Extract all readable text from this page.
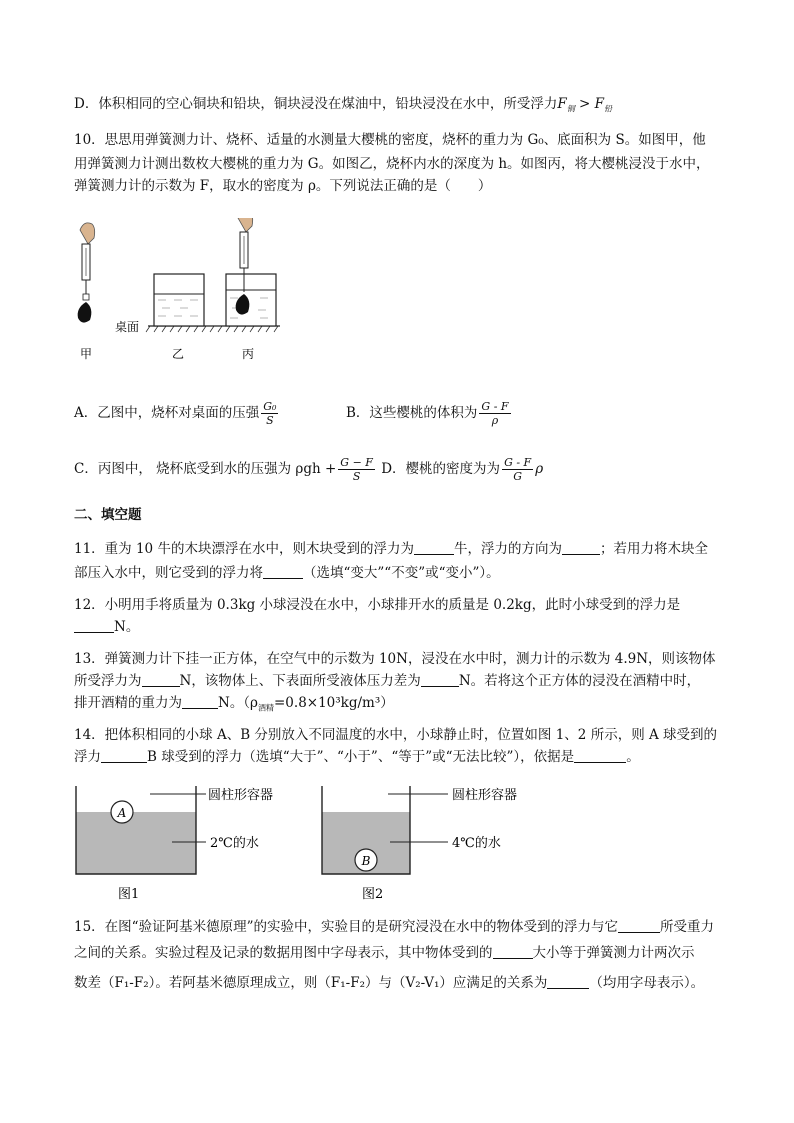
D．体积相同的空心铜块和铅块，铜块浸没在煤油中，铅块浸没在水中，所受浮力$F_铜 > F_铅$
10．思思用弹簧测力计、烧杯、适量的水测量大樱桃的密度，烧杯的重力为 G₀、底面积为 S。如图甲，他
用弹簧测力计测出数枚大樱桃的重力为 G。如图乙，烧杯内水的深度为 h。如图丙，将大樱桃浸没于水中，
弹簧测力计的示数为 F，取水的密度为 ρ。下列说法正确的是（　　）
甲
桌面
乙	丙
A．乙图中，烧杯对桌面的压强 $\frac{\text{G₀}}{S}$	B．这些樱桃的体积为 $\frac{G - F}{\rho}$
C．丙图中， 烧杯底受到水的压强为 $\rho gh + \frac{G - F}{S}$ D．樱桃的密度为为 $\frac{G - F}{G}$ ρ
二、填空题
11．重为 10 牛的木块漂浮在水中，则木块受到的浮力为	牛，浮力的方向为	；若用力将木块全
部压入水中，则它受到的浮力将	（选填“变大”“不变”或“变小”）。
12．小明用手将质量为 0.3kg 小球浸没在水中，小球排开水的质量是 0.2kg，此时小球受到的浮力是
N。
13．弹簧测力计下挂一正方体，在空气中的示数为 10N，浸没在水中时，测力计的示数为 4.9N，则该物体
所受浮力为	N，该物体上、下表面所受液体压力差为	N。若将这个正方体的浸没在酒精中时，
排开酒精的重力为	N。$(\rho_{酒精}=0.8\times 10^3kg/m^3)$
14．把体积相同的小球 A、B 分别放入不同温度的水中，小球静止时，位置如图 1、2 所示，则 A 球受到的
浮力	B 球受到的浮力（选填“大于”、“小于”、“等于”或“无法比较”），依据是	。
A
圆柱形容器
2℃的水
图1
B
圆柱形容器
4℃的水
图2
15．在图“验证阿基米德原理”的实验中，实验目的是研究浸没在水中的物体受到的浮力与它	所受重力
之间的关系。实验过程及记录的数据用图中字母表示，其中物体受到的	大小等于弹簧测力计两次示
数差（F₁-F₂）。若阿基米德原理成立，则（F₁-F₂）与（V₂-V₁）应满足的关系为	（均用字母表示）。
